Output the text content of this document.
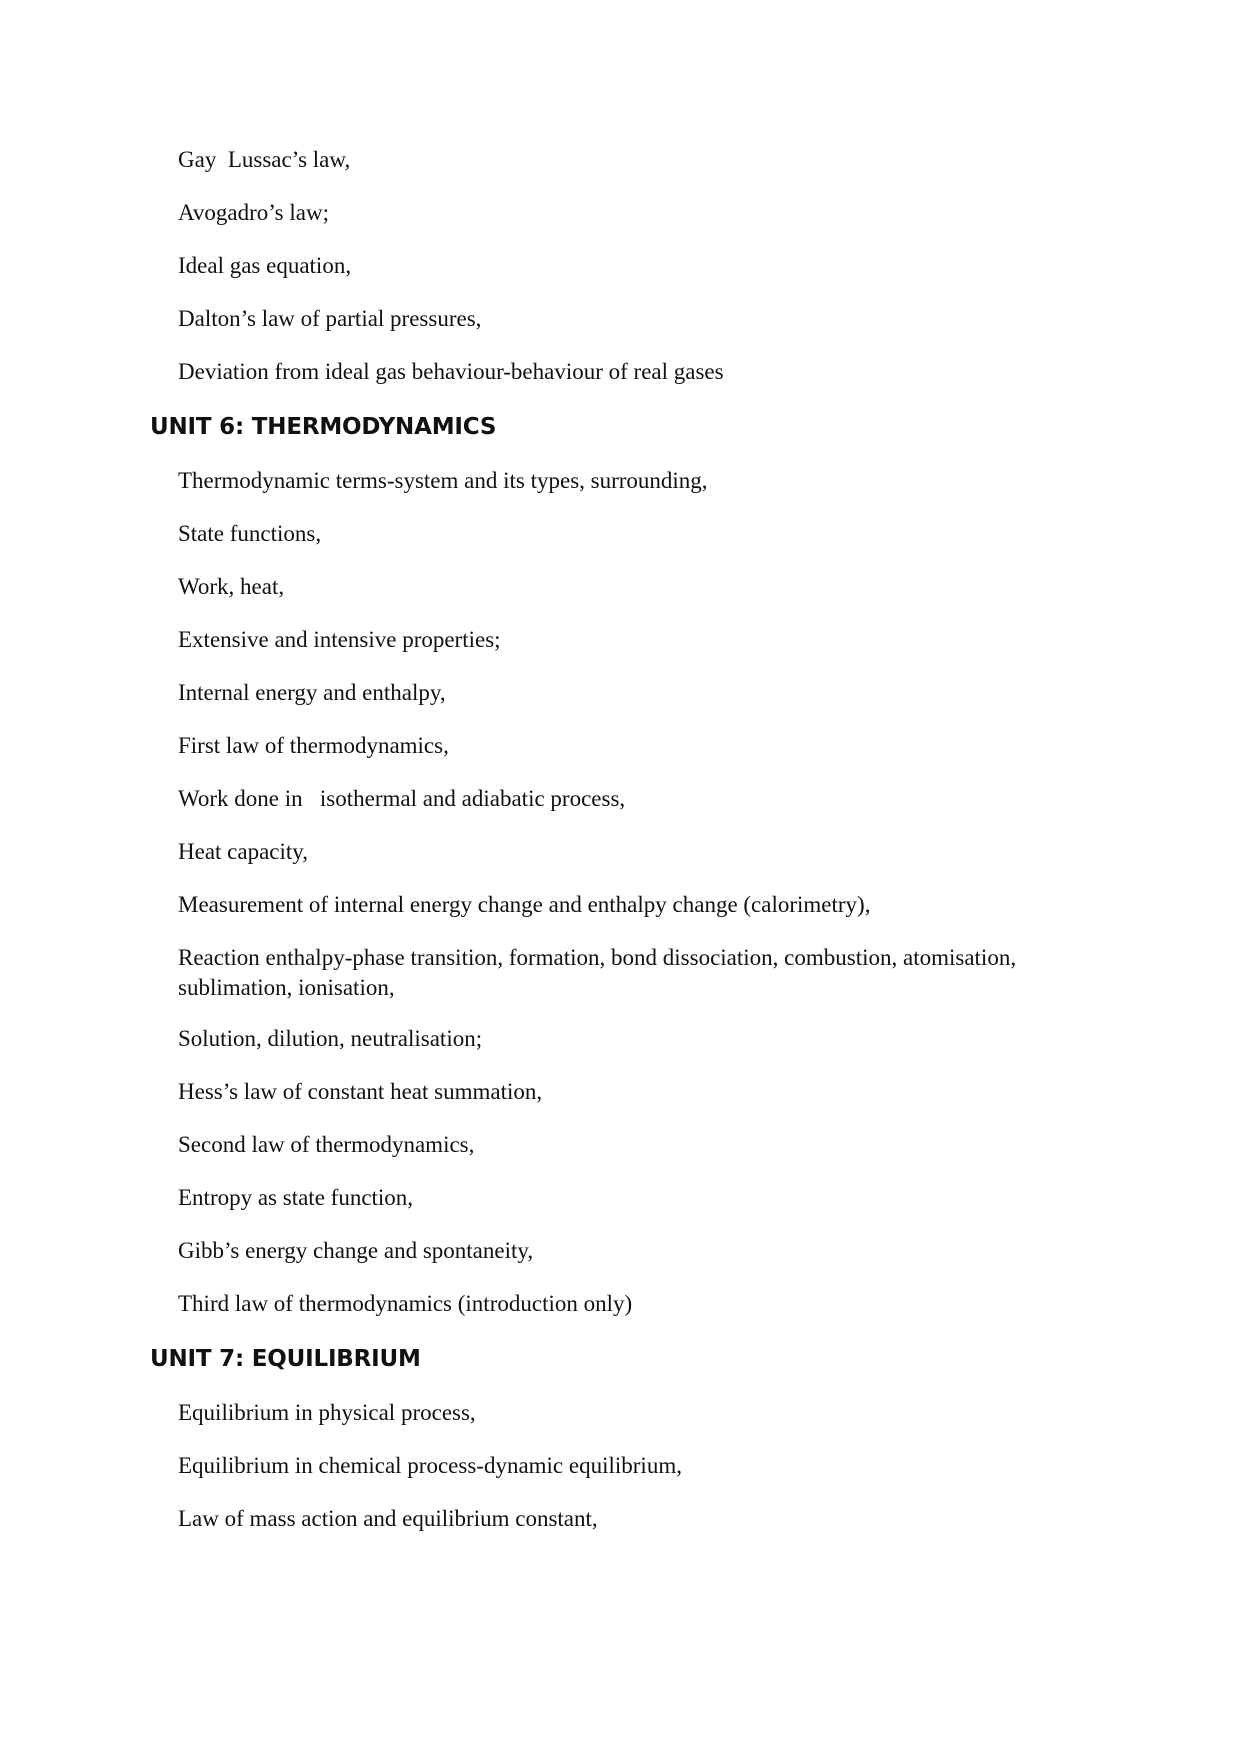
Gay  Lussac’s law,
Avogadro’s law;
Ideal gas equation,
Dalton’s law of partial pressures,
Deviation from ideal gas behaviour-behaviour of real gases
UNIT 6: THERMODYNAMICS
Thermodynamic terms-system and its types, surrounding,
State functions,
Work, heat,
Extensive and intensive properties;
Internal energy and enthalpy,
First law of thermodynamics,
Work done in   isothermal and adiabatic process,
Heat capacity,
Measurement of internal energy change and enthalpy change (calorimetry),
Reaction enthalpy-phase transition, formation, bond dissociation, combustion, atomisation, sublimation, ionisation,
Solution, dilution, neutralisation;
Hess’s law of constant heat summation,
Second law of thermodynamics,
Entropy as state function,
Gibb’s energy change and spontaneity,
Third law of thermodynamics (introduction only)
UNIT 7: EQUILIBRIUM
Equilibrium in physical process,
Equilibrium in chemical process-dynamic equilibrium,
Law of mass action and equilibrium constant,
